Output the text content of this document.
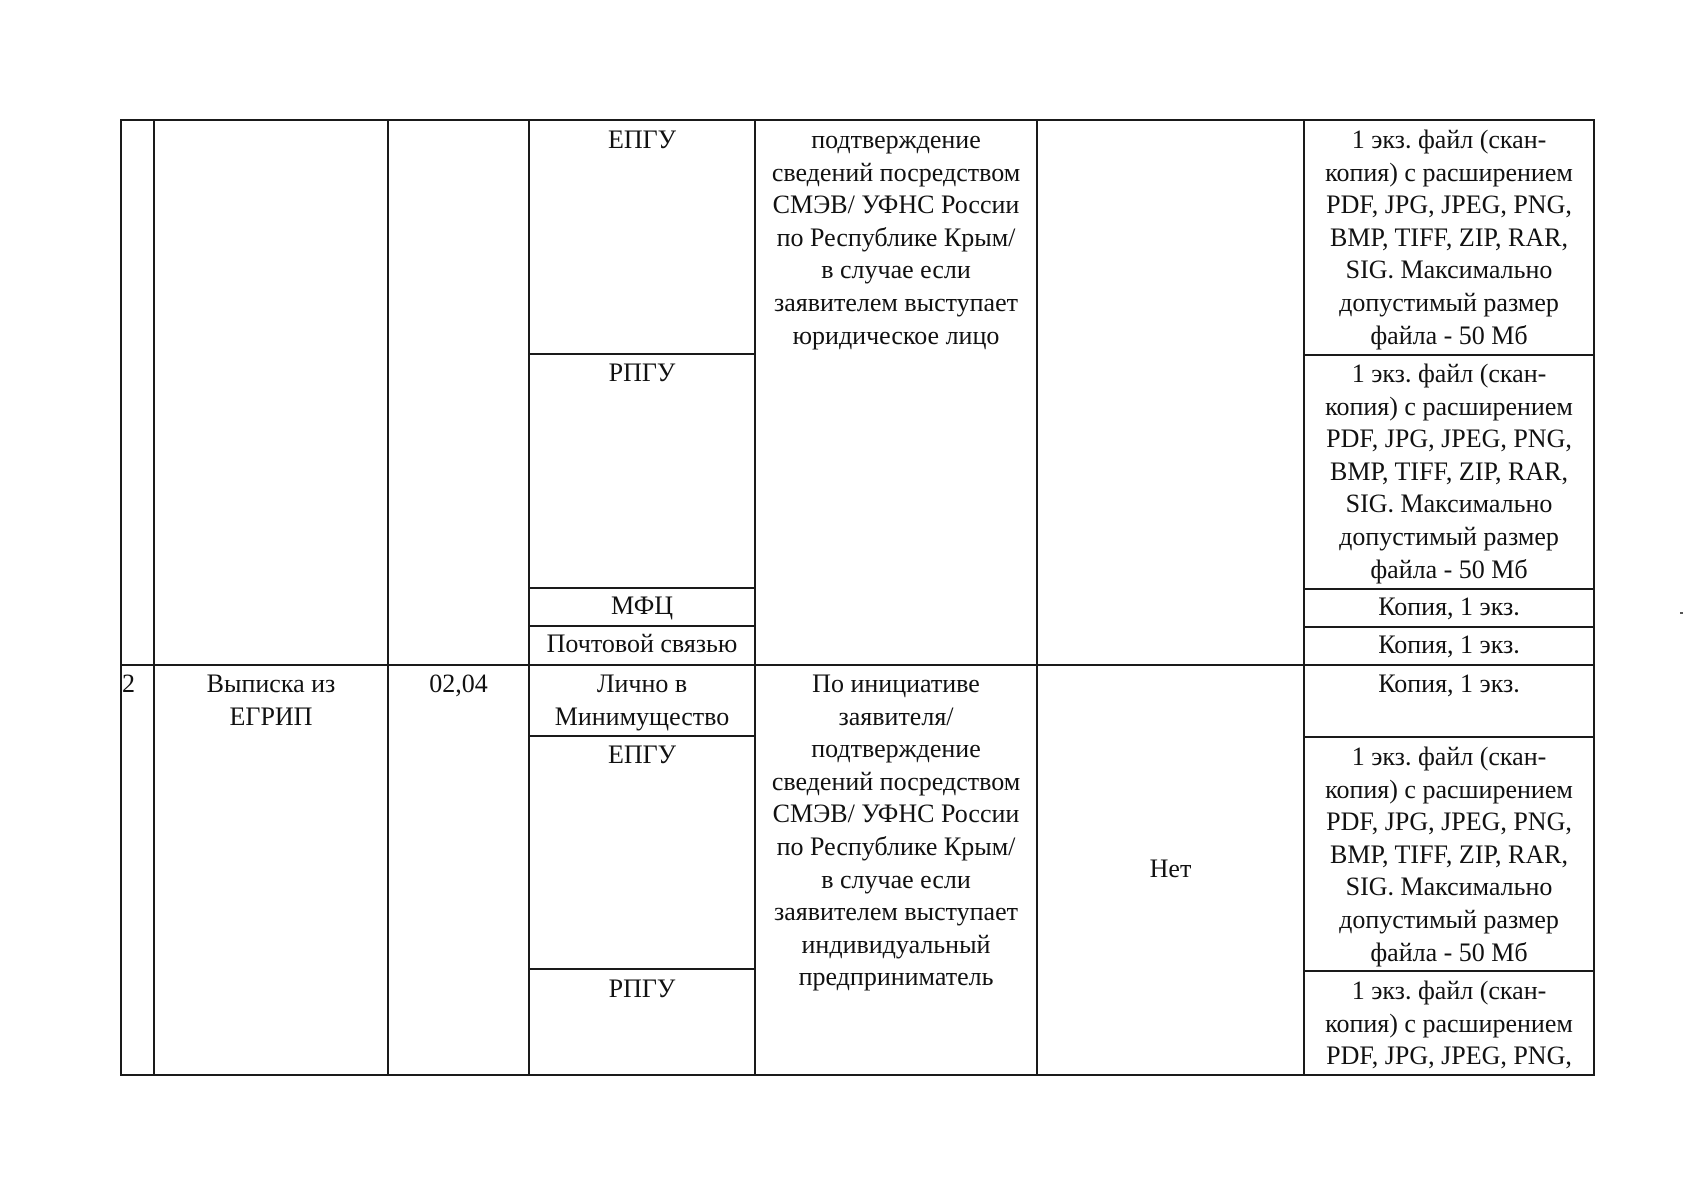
ЕПГУ
РПГУ
МФЦ
Почтовой связью
подтверждение
сведений посредством
СМЭВ/ УФНС России
по Республике Крым/
в случае если
заявителем выступает
юридическое лицо
1 экз. файл (скан-
копия) с расширением
PDF, JPG, JPEG, PNG,
BMP, TIFF, ZIP, RAR,
SIG. Максимально
допустимый размер
файла - 50 Мб
1 экз. файл (скан-
копия) с расширением
PDF, JPG, JPEG, PNG,
BMP, TIFF, ZIP, RAR,
SIG. Максимально
допустимый размер
файла - 50 Мб
Копия, 1 экз.
Копия, 1 экз.
2	Выписка из
ЕГРИП
02,04	Лично в
Минимущество
ЕПГУ
РПГУ
По инициативе
заявителя/
подтверждение
сведений посредством
СМЭВ/ УФНС России
по Республике Крым/
в случае если
заявителем выступает
индивидуальный
предприниматель
Нет
Копия, 1 экз.
1 экз. файл (скан-
копия) с расширением
PDF, JPG, JPEG, PNG,
BMP, TIFF, ZIP, RAR,
SIG. Максимально
допустимый размер
файла - 50 Мб
1 экз. файл (скан-
копия) с расширением
PDF, JPG, JPEG, PNG,
